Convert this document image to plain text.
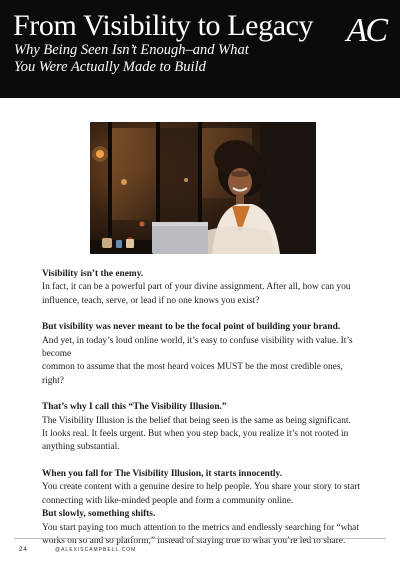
From Visibility to Legacy
Why Being Seen Isn’t Enough–and What
You Were Actually Made to Build
AC

Visibility isn’t the enemy.
In fact, it can be a powerful part of your divine assignment. After all, how can you
influence, teach, serve, or lead if no one knows you exist?

But visibility was never meant to be the focal point of building your brand.
And yet, in today’s loud online world, it’s easy to confuse visibility with value. It’s become
common to assume that the most heard voices MUST be the most credible ones, right?

That’s why I call this “The Visibility Illusion.”
The Visibility Illusion is the belief that being seen is the same as being significant.
It looks real. It feels urgent. But when you step back, you realize it’s not rooted in
anything substantial.

When you fall for The Visibility Illusion, it starts innocently.
You create content with a genuine desire to help people. You share your story to start
connecting with like-minded people and form a community online.

But slowly, something shifts.
You start paying too much attention to the metrics and endlessly searching for “what
works on so and so platform,” instead of staying true to what you’re led to share.

24	@ALEXISCAMPBELL.COM
